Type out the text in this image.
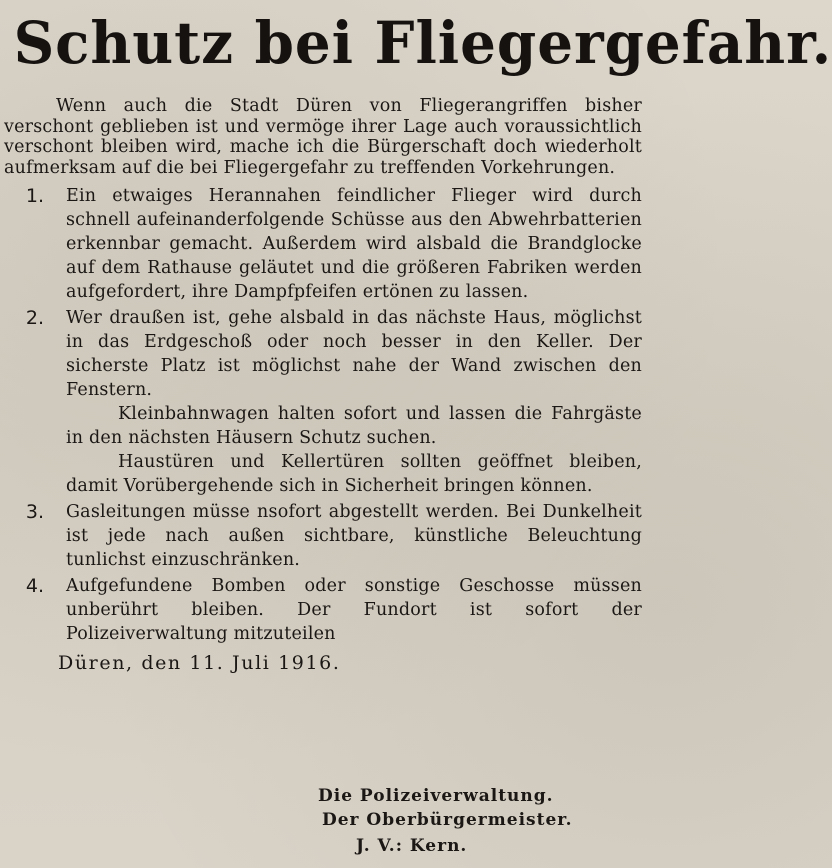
Schutz bei Fliegergefahr.

Wenn auch die Stadt Düren von Fliegerangriffen bisher verschont geblieben ist und vermöge ihrer Lage auch voraussichtlich verschont bleiben wird, mache ich die Bürgerschaft doch wiederholt aufmerksam auf die bei Fliegergefahr zu treffenden Vorkehrungen.

1.	Ein etwaiges Herannahen feindlicher Flieger wird durch schnell aufeinanderfolgende Schüsse aus den Abwehrbatterien erkennbar gemacht. Außerdem wird alsbald die Brandglocke auf dem Rathause geläutet und die größeren Fabriken werden aufgefordert, ihre Dampfpfeifen ertönen zu lassen.

2.	Wer draußen ist, gehe alsbald in das nächste Haus, möglichst in das Erdgeschoß oder noch besser in den Keller. Der sicherste Platz ist möglichst nahe der Wand zwischen den Fenstern.

Kleinbahnwagen halten sofort und lassen die Fahrgäste in den nächsten Häusern Schutz suchen.

Haustüren und Kellertüren sollten geöffnet bleiben, damit Vorübergehende sich in Sicherheit bringen können.

3.	Gasleitungen müsse nsofort abgestellt werden. Bei Dunkelheit ist jede nach außen sichtbare, künstliche Beleuchtung tunlichst einzuschränken.

4.	Aufgefundene Bomben oder sonstige Geschosse müssen unberührt bleiben. Der Fundort ist sofort der Polizeiverwaltung mitzuteilen

Düren, den 11. Juli 1916.

Die Polizeiverwaltung.

Der Oberbürgermeister.

J. V.: Kern.
